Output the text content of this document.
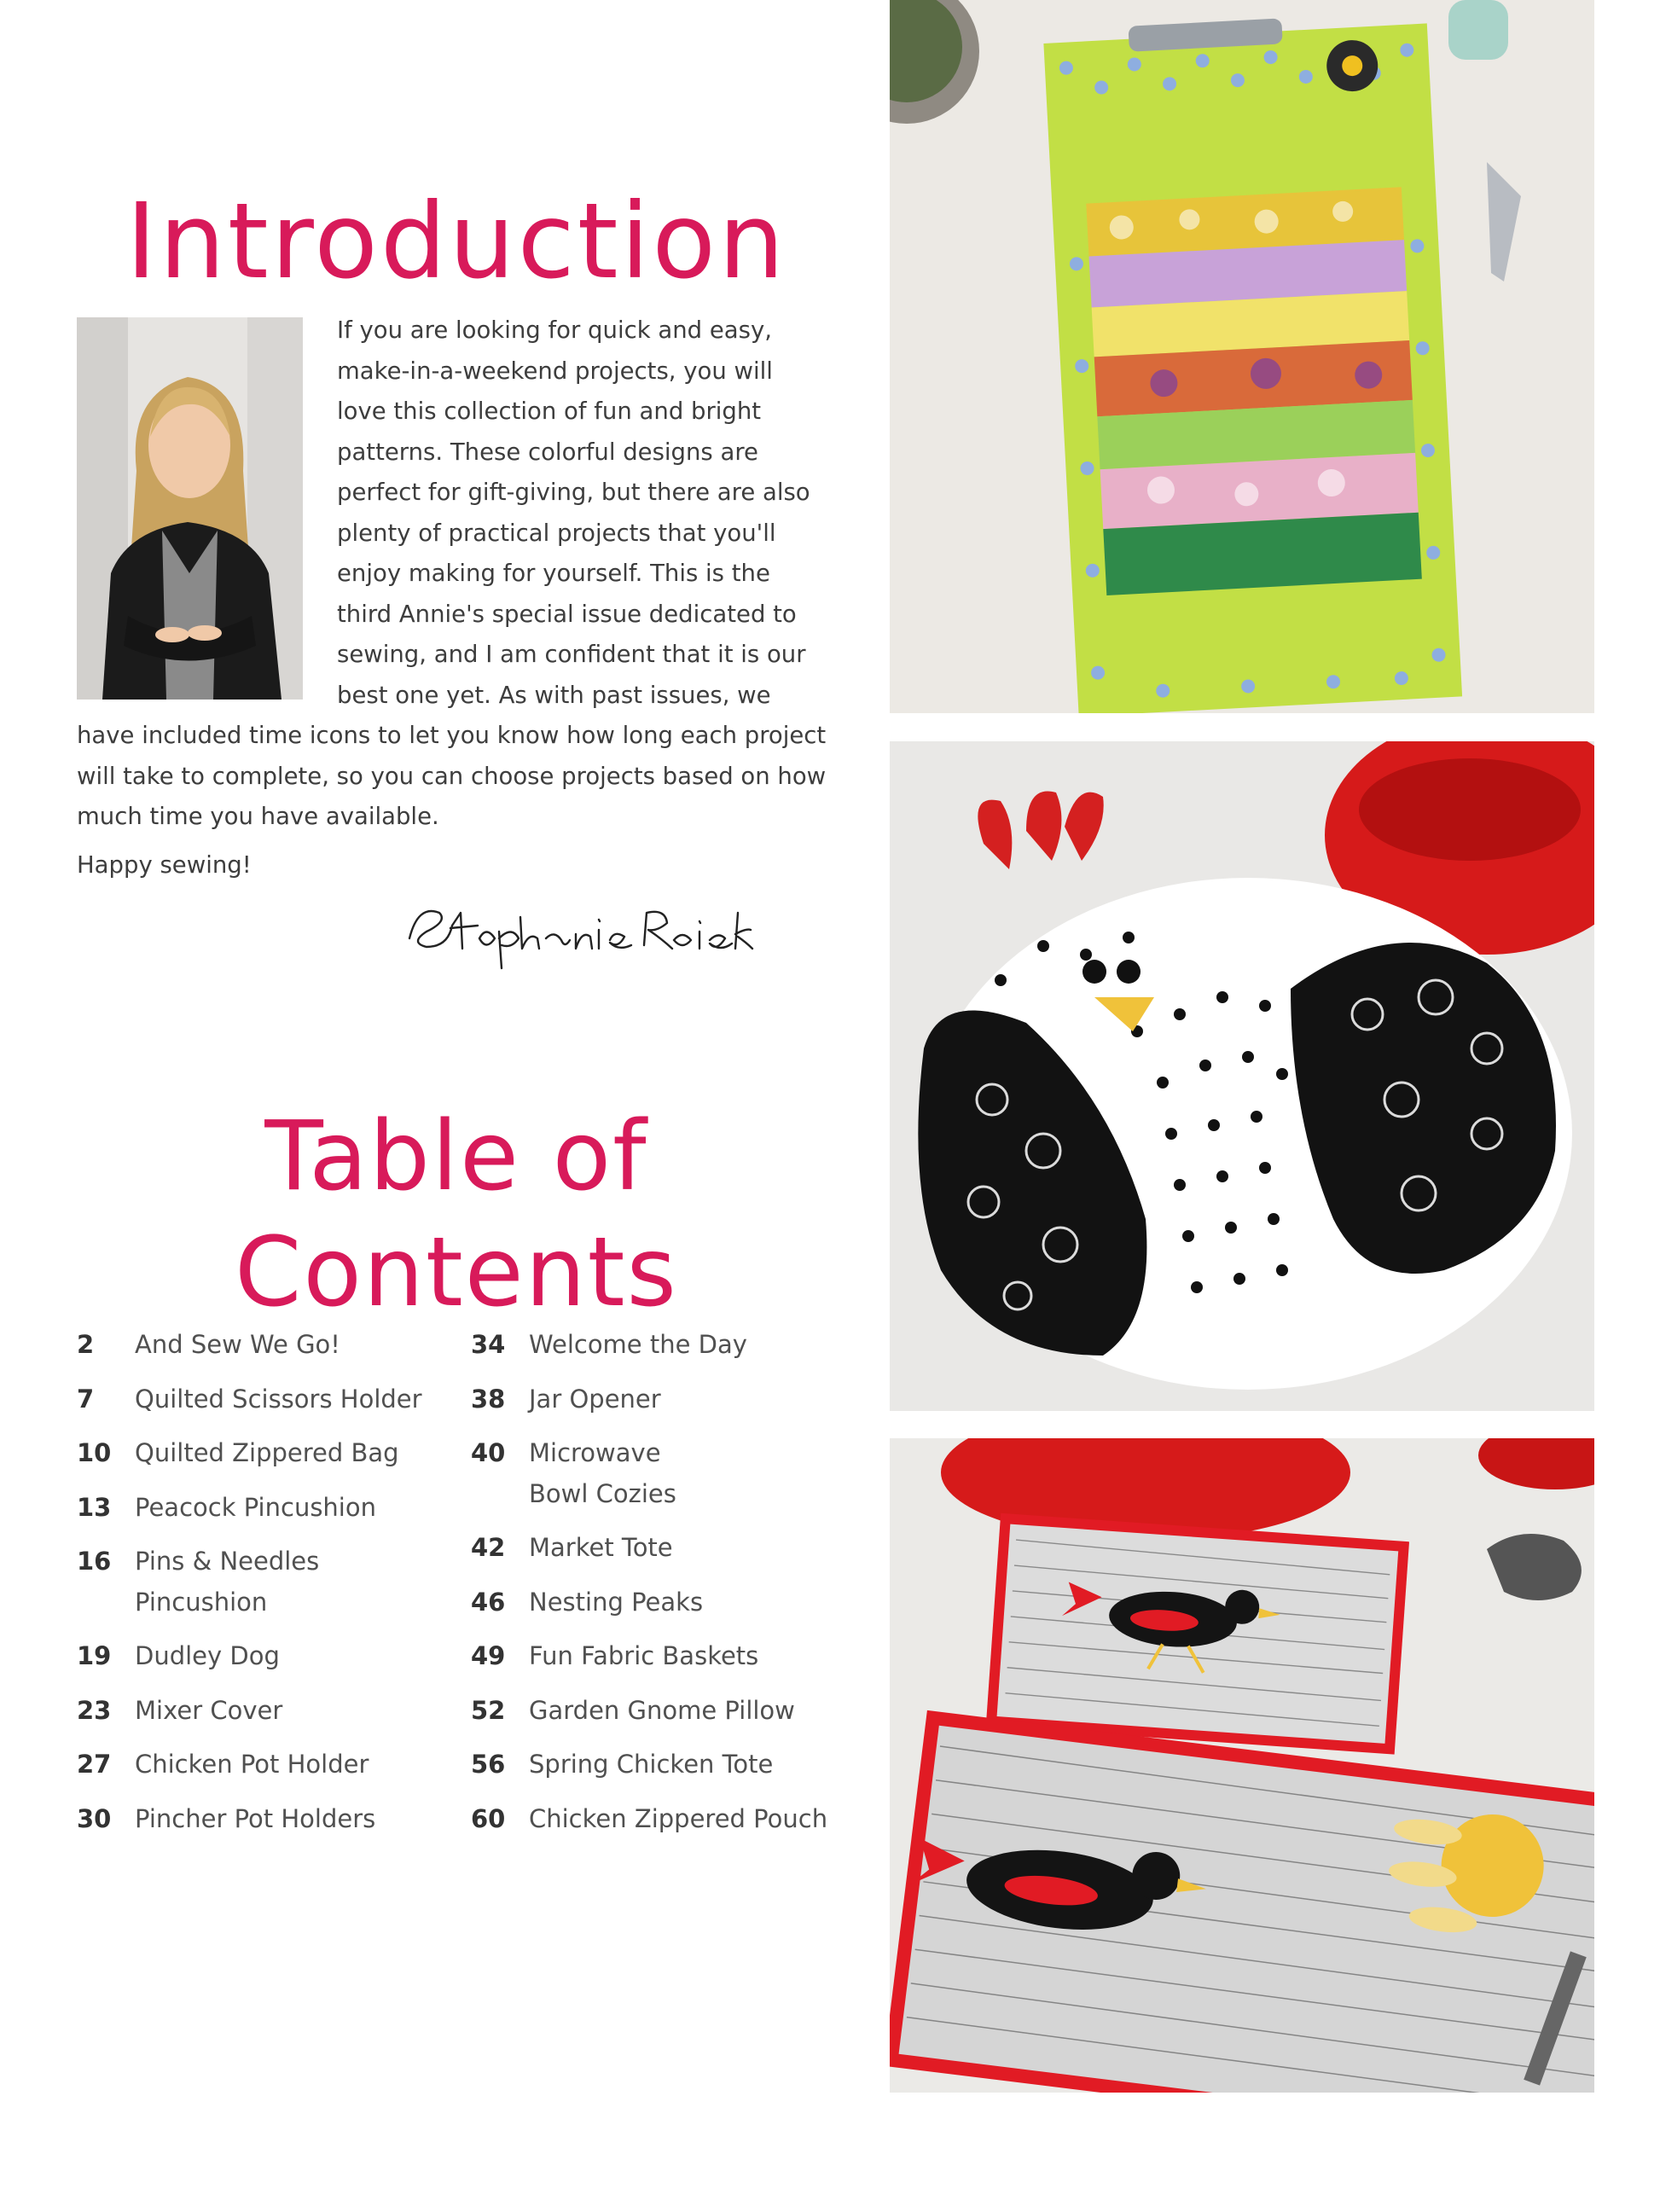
Introduction

If you are looking for quick and easy, make-in-a-weekend projects, you will love this collection of fun and bright patterns. These colorful designs are perfect for gift-giving, but there are also plenty of practical projects that you'll enjoy making for yourself. This is the third Annie's special issue dedicated to sewing, and I am confident that it is our best one yet. As with past issues, we have included time icons to let you know how long each project will take to complete, so you can choose projects based on how much time you have available.

Happy sewing!

Table of
Contents
2	And Sew We Go!
7	Quilted Scissors Holder
10 Quilted Zippered Bag
13 Peacock Pincushion
16 Pins & Needles Pincushion
19 Dudley Dog
23 Mixer Cover
27 Chicken Pot Holder
30 Pincher Pot Holders
34 Welcome the Day
38 Jar Opener
40 Microwave Bowl Cozies
42 Market Tote
46 Nesting Peaks
49 Fun Fabric Baskets
52 Garden Gnome Pillow
56 Spring Chicken Tote
60 Chicken Zippered Pouch
